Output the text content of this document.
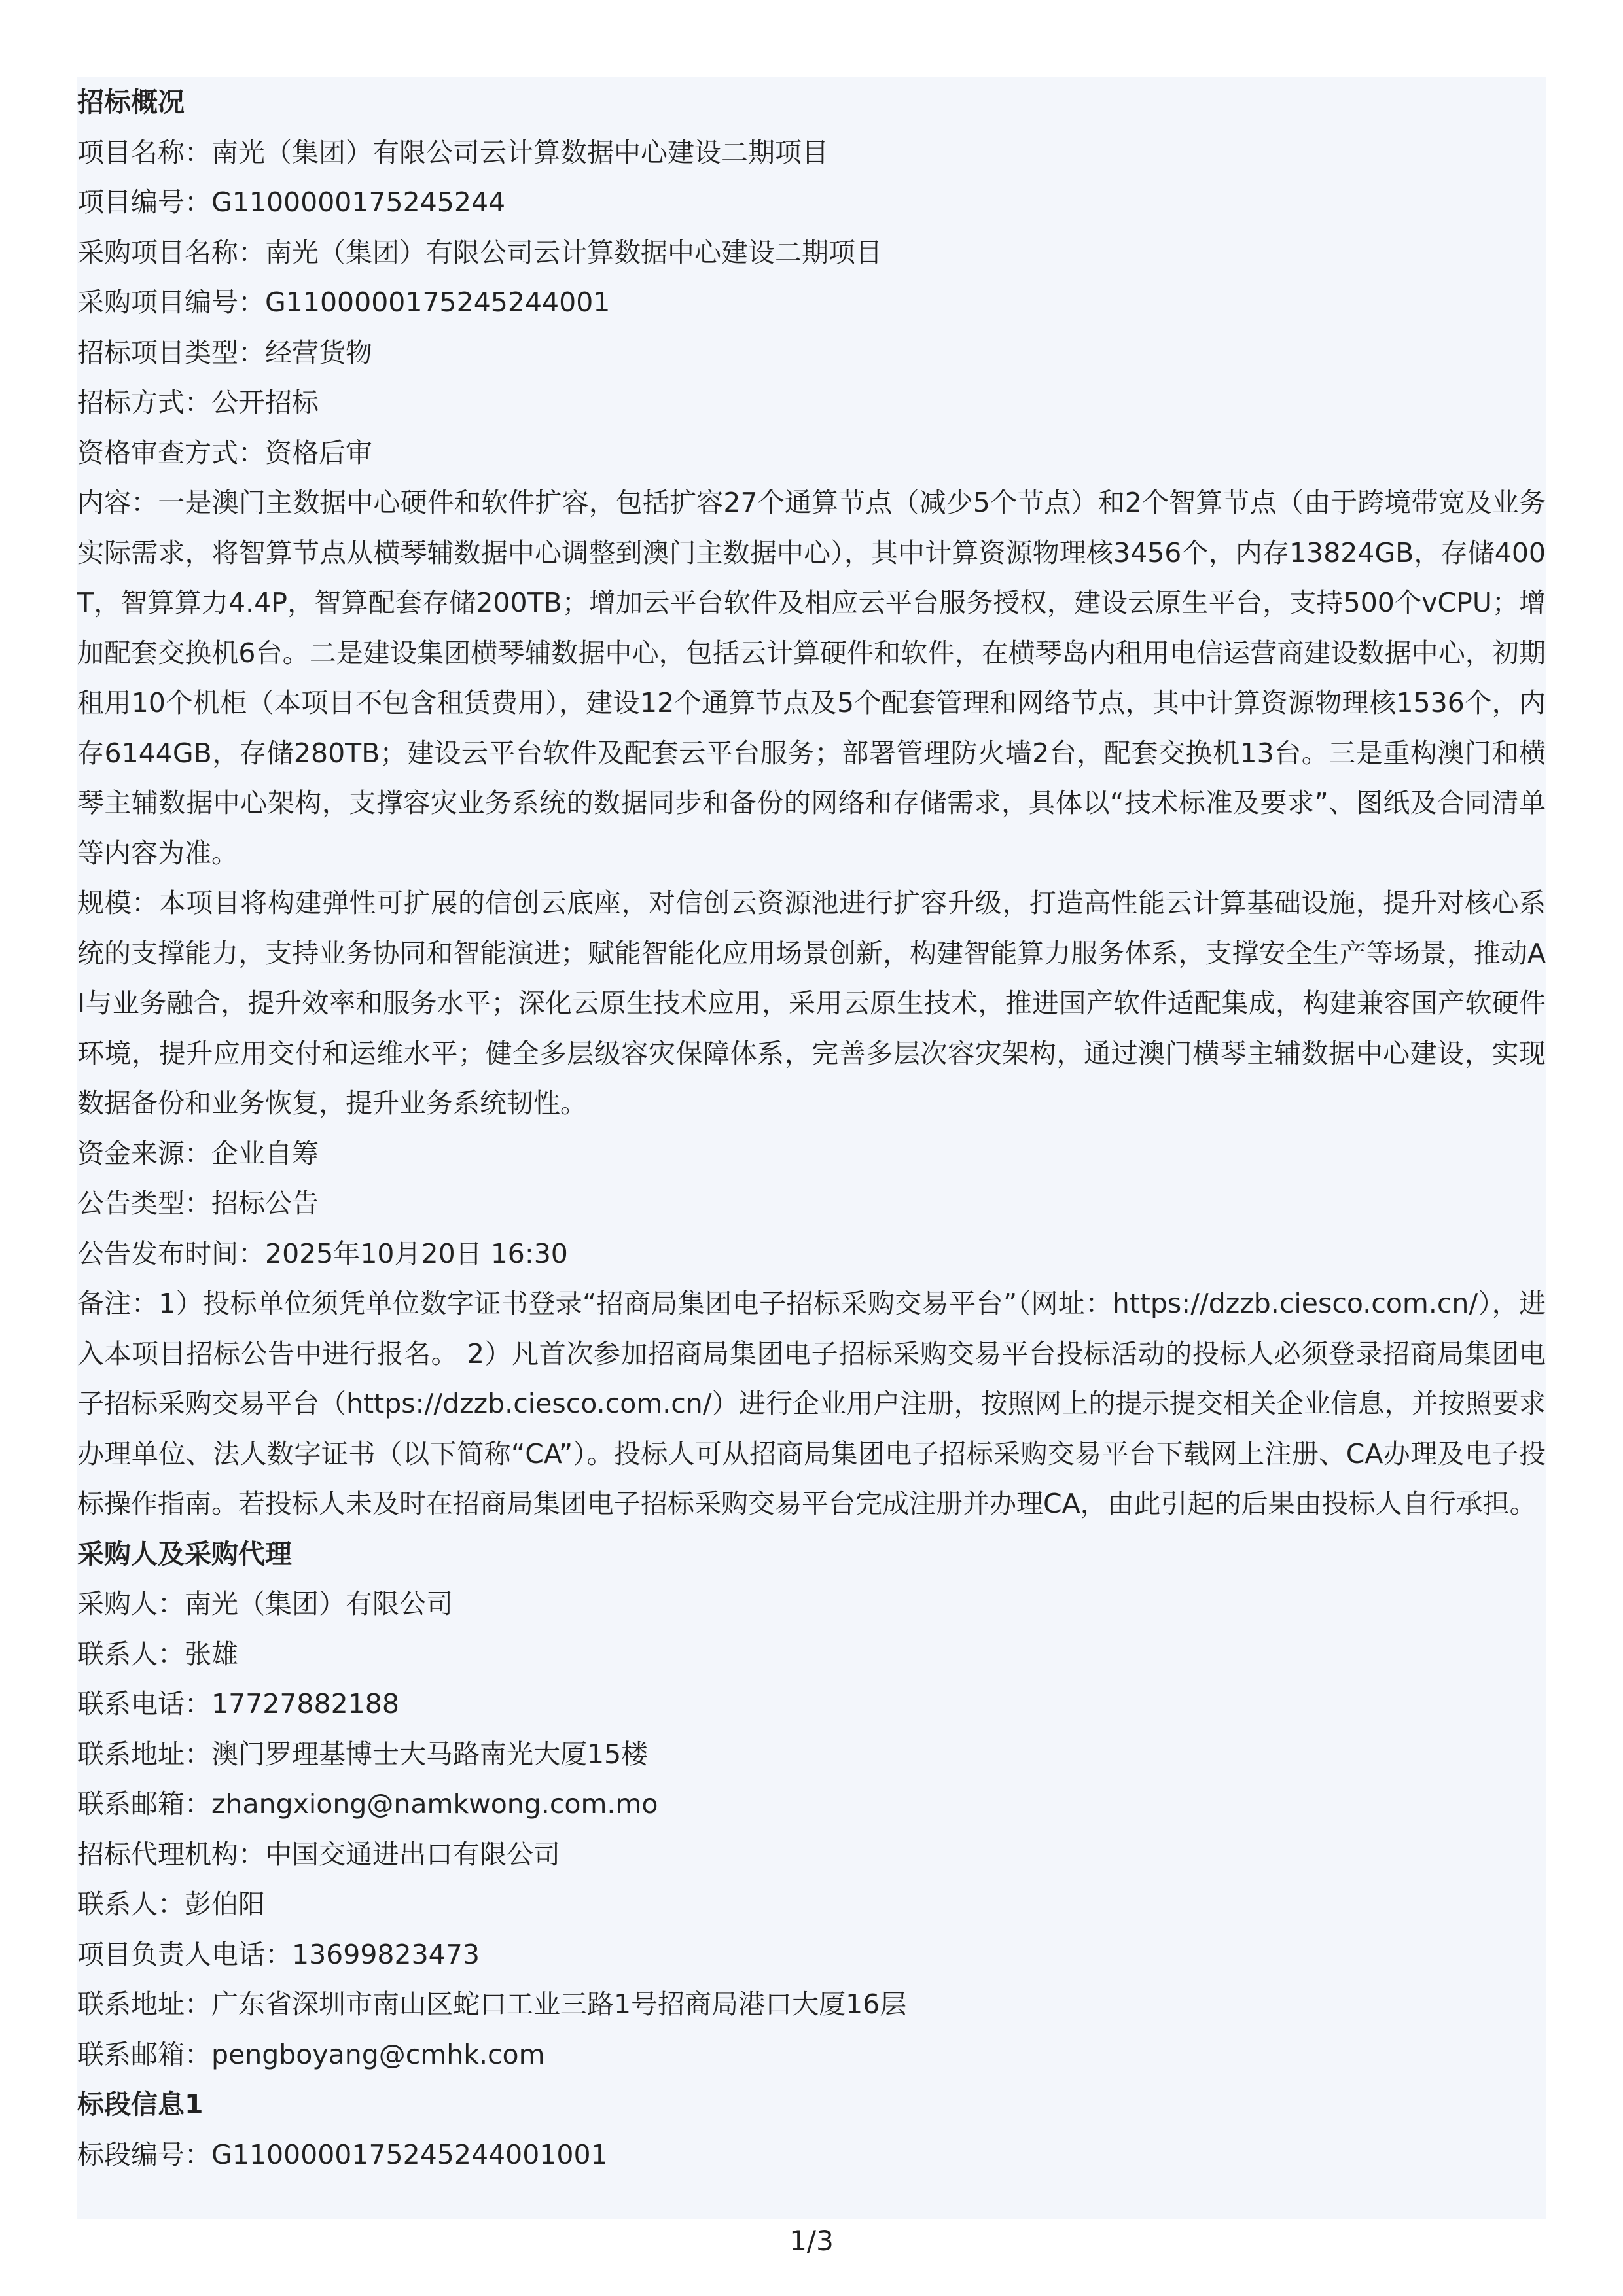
招标概况
项目名称：南光（集团）有限公司云计算数据中心建设二期项目
项目编号：G1100000175245244
采购项目名称：南光（集团）有限公司云计算数据中心建设二期项目
采购项目编号：G1100000175245244001
招标项目类型：经营货物
招标方式：公开招标
资格审查方式：资格后审
内容：一是澳门主数据中心硬件和软件扩容，包括扩容27个通算节点（减少5个节点）和2个智算节点（由于跨境带宽及业务实际需求，将智算节点从横琴辅数据中心调整到澳门主数据中心），其中计算资源物理核3456个，内存13824GB，存储400T，智算算力4.4P，智算配套存储200TB；增加云平台软件及相应云平台服务授权，建设云原生平台，支持500个vCPU；增加配套交换机6台。二是建设集团横琴辅数据中心，包括云计算硬件和软件，在横琴岛内租用电信运营商建设数据中心，初期租用10个机柜（本项目不包含租赁费用），建设12个通算节点及5个配套管理和网络节点，其中计算资源物理核1536个，内存6144GB，存储280TB；建设云平台软件及配套云平台服务；部署管理防火墙2台，配套交换机13台。三是重构澳门和横琴主辅数据中心架构，支撑容灾业务系统的数据同步和备份的网络和存储需求，具体以“技术标准及要求”、图纸及合同清单等内容为准。
规模：本项目将构建弹性可扩展的信创云底座，对信创云资源池进行扩容升级，打造高性能云计算基础设施，提升对核心系统的支撑能力，支持业务协同和智能演进；赋能智能化应用场景创新，构建智能算力服务体系，支撑安全生产等场景，推动AI与业务融合，提升效率和服务水平；深化云原生技术应用，采用云原生技术，推进国产软件适配集成，构建兼容国产软硬件环境，提升应用交付和运维水平；健全多层级容灾保障体系，完善多层次容灾架构，通过澳门横琴主辅数据中心建设，实现数据备份和业务恢复，提升业务系统韧性。
资金来源：企业自筹
公告类型：招标公告
公告发布时间：2025年10月20日 16:30
备注：1）投标单位须凭单位数字证书登录“招商局集团电子招标采购交易平台”（网址：https://dzzb.ciesco.com.cn/），进入本项目招标公告中进行报名。 2）凡首次参加招商局集团电子招标采购交易平台投标活动的投标人必须登录招商局集团电子招标采购交易平台（https://dzzb.ciesco.com.cn/）进行企业用户注册，按照网上的提示提交相关企业信息，并按照要求办理单位、法人数字证书（以下简称“CA”）。投标人可从招商局集团电子招标采购交易平台下载网上注册、CA办理及电子投标操作指南。若投标人未及时在招商局集团电子招标采购交易平台完成注册并办理CA，由此引起的后果由投标人自行承担。
采购人及采购代理
采购人：南光（集团）有限公司
联系人：张雄
联系电话：17727882188
联系地址：澳门罗理基博士大马路南光大厦15楼
联系邮箱：zhangxiong@namkwong.com.mo
招标代理机构：中国交通进出口有限公司
联系人：彭伯阳
项目负责人电话：13699823473
联系地址：广东省深圳市南山区蛇口工业三路1号招商局港口大厦16层
联系邮箱：pengboyang@cmhk.com
标段信息1
标段编号：G1100000175245244001001
1/3
